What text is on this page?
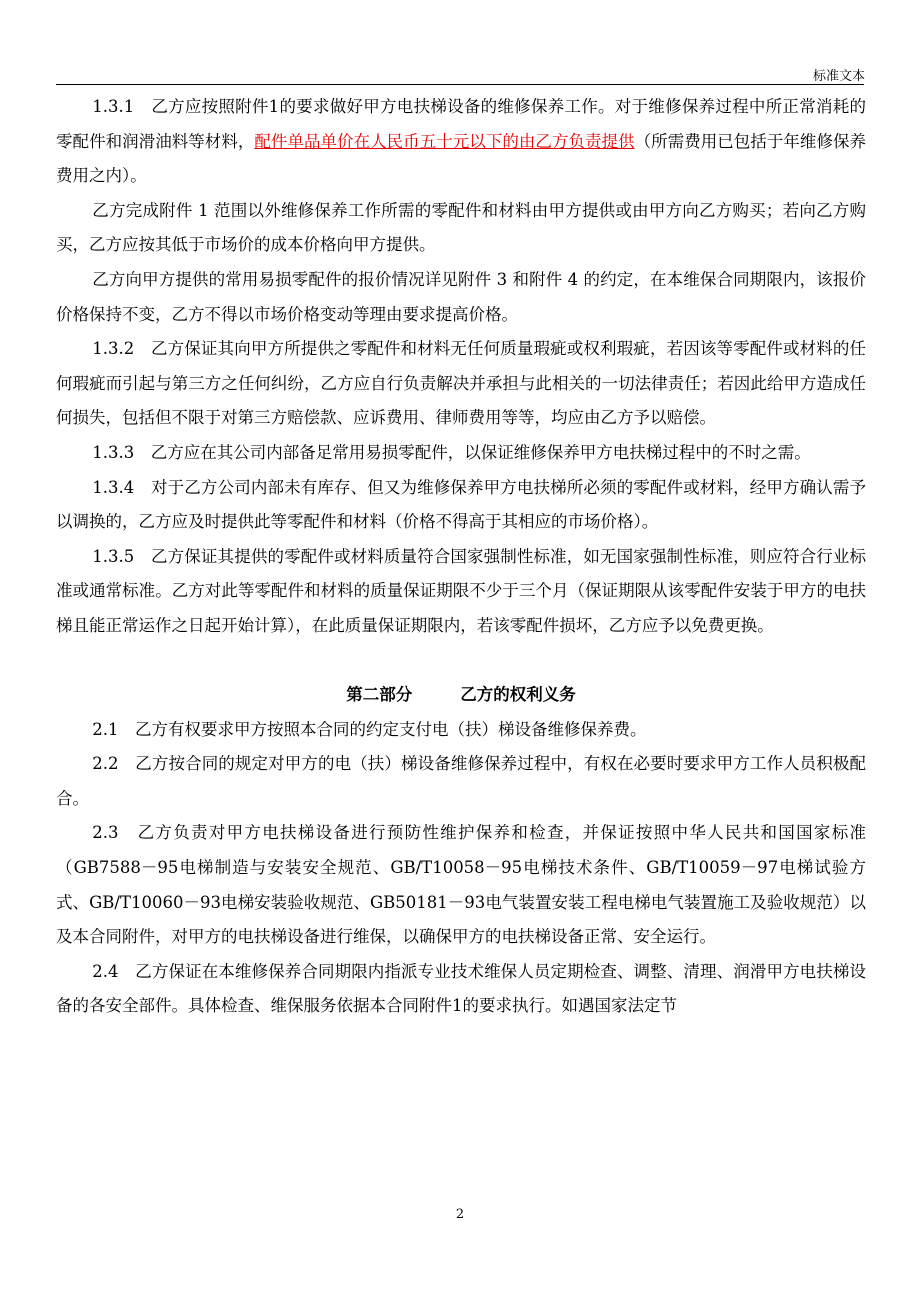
标准文本

1.3.1　乙方应按照附件1的要求做好甲方电扶梯设备的维修保养工作。对于维修保养过程中所正常消耗的零配件和润滑油料等材料，配件单品单价在人民币五十元以下的由乙方负责提供（所需费用已包括于年维修保养费用之内）。

乙方完成附件 1 范围以外维修保养工作所需的零配件和材料由甲方提供或由甲方向乙方购买；若向乙方购买，乙方应按其低于市场价的成本价格向甲方提供。

乙方向甲方提供的常用易损零配件的报价情况详见附件 3 和附件 4 的约定，在本维保合同期限内，该报价价格保持不变，乙方不得以市场价格变动等理由要求提高价格。

1.3.2　乙方保证其向甲方所提供之零配件和材料无任何质量瑕疵或权利瑕疵，若因该等零配件或材料的任何瑕疵而引起与第三方之任何纠纷，乙方应自行负责解决并承担与此相关的一切法律责任；若因此给甲方造成任何损失，包括但不限于对第三方赔偿款、应诉费用、律师费用等等，均应由乙方予以赔偿。

1.3.3　乙方应在其公司内部备足常用易损零配件，以保证维修保养甲方电扶梯过程中的不时之需。

1.3.4　对于乙方公司内部未有库存、但又为维修保养甲方电扶梯所必须的零配件或材料，经甲方确认需予以调换的，乙方应及时提供此等零配件和材料（价格不得高于其相应的市场价格）。

1.3.5　乙方保证其提供的零配件或材料质量符合国家强制性标准，如无国家强制性标准，则应符合行业标准或通常标准。乙方对此等零配件和材料的质量保证期限不少于三个月（保证期限从该零配件安装于甲方的电扶梯且能正常运作之日起开始计算），在此质量保证期限内，若该零配件损坏，乙方应予以免费更换。

第二部分	乙方的权利义务

2.1　乙方有权要求甲方按照本合同的约定支付电（扶）梯设备维修保养费。

2.2　乙方按合同的规定对甲方的电（扶）梯设备维修保养过程中，有权在必要时要求甲方工作人员积极配合。

2.3　乙方负责对甲方电扶梯设备进行预防性维护保养和检查，并保证按照中华人民共和国国家标准（GB7588－95电梯制造与安装安全规范、GB/T10058－95电梯技术条件、GB/T10059－97电梯试验方式、GB/T10060－93电梯安装验收规范、GB50181－93电气装置安装工程电梯电气装置施工及验收规范）以及本合同附件，对甲方的电扶梯设备进行维保，以确保甲方的电扶梯设备正常、安全运行。

2.4　乙方保证在本维修保养合同期限内指派专业技术维保人员定期检查、调整、清理、润滑甲方电扶梯设备的各安全部件。具体检查、维保服务依据本合同附件1的要求执行。如遇国家法定节

2
